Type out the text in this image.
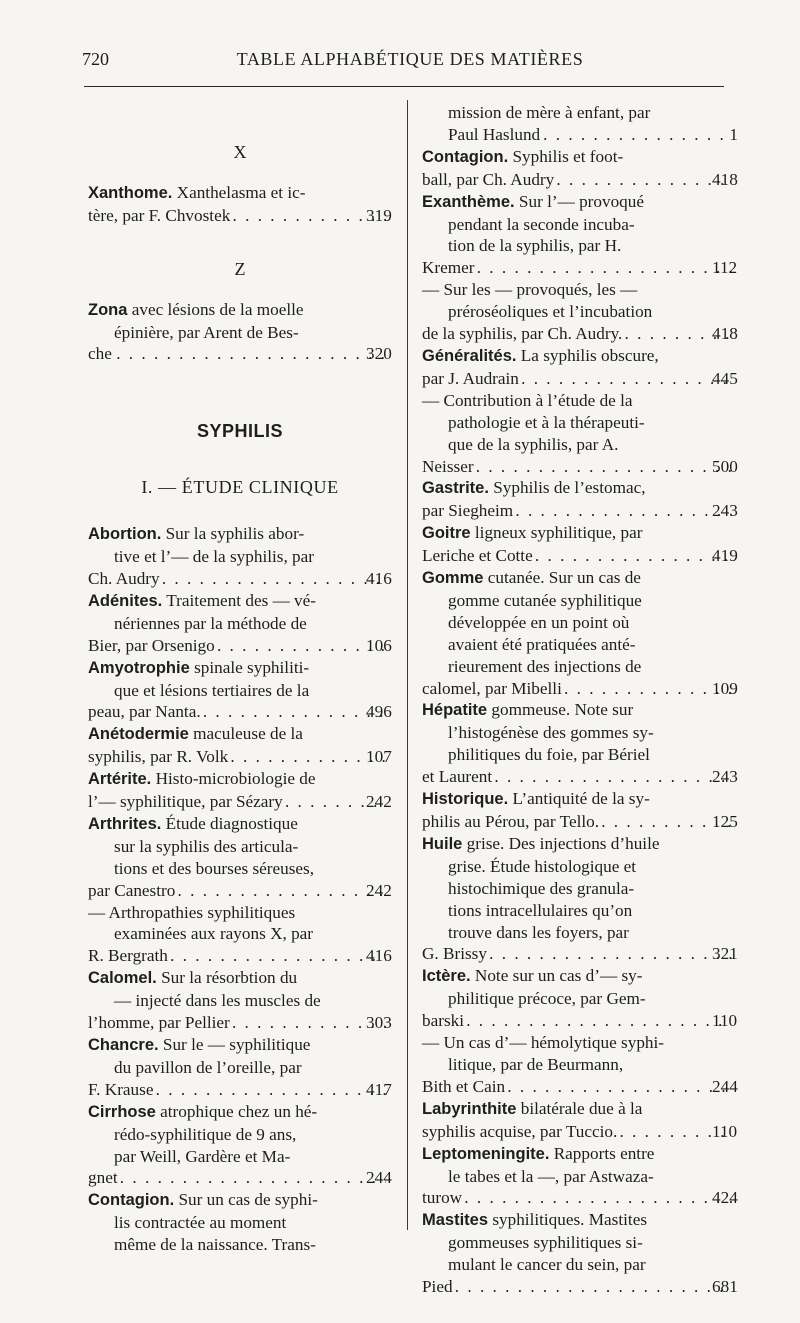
720	TABLE ALPHABÉTIQUE DES MATIÈRES
X
Xanthome. Xanthelasma et ic-
tère, par F. Chvostek . . .	319
Z
Zona avec lésions de la moelle
épinière, par Arent de Bes-
che . . .	320
SYPHILIS
I. — ÉTUDE CLINIQUE
Abortion. Sur la syphilis abor-
tive et l’— de la syphilis, par

Ch. Audry . . .	416
Adénites. Traitement des — vé-
nériennes par la méthode de

Bier, par Orsenigo . . .	106
Amyotrophie spinale syphiliti-
que et lésions tertiaires de la

peau, par Nanta. . . .	496
Anétodermie maculeuse de la

syphilis, par R. Volk . . .	107
Artérite. Histo-microbiologie de

l’— syphilitique, par Sézary . . .	242
Arthrites. Étude diagnostique
sur la syphilis des articula-
tions et des bourses séreuses,

par Canestro . . .	242
— Arthropathies syphilitiques
examinées aux rayons X, par

R. Bergrath . . .	416
Calomel. Sur la résorbtion du
— injecté dans les muscles de

l’homme, par Pellier . . .	303
Chancre. Sur le — syphilitique
du pavillon de l’oreille, par

F. Krause . . .	417
Cirrhose atrophique chez un hé-
rédo-syphilitique de 9 ans,
par Weill, Gardère et Ma-

gnet . . .	244
Contagion. Sur un cas de syphi-
lis contractée au moment
même de la naissance. Trans-
mission de mère à enfant, par

Paul Haslund . . .	1
Contagion. Syphilis et foot-

ball, par Ch. Audry . . .	418
Exanthème. Sur l’— provoqué
pendant la seconde incuba-
tion de la syphilis, par H.

Kremer . . .	112
— Sur les — provoqués, les —
préroséoliques et l’incubation

de la syphilis, par Ch. Audry. . . .	418
Généralités. La syphilis obscure,

par J. Audrain . . .	445
— Contribution à l’étude de la
pathologie et à la thérapeuti-
que de la syphilis, par A.

Neisser . . .	500
Gastrite. Syphilis de l’estomac,

par Siegheim . . .	243
Goitre ligneux syphilitique, par

Leriche et Cotte . . .	419
Gomme cutanée. Sur un cas de
gomme cutanée syphilitique
développée en un point où
avaient été pratiquées anté-
rieurement des injections de

calomel, par Mibelli . . .	109
Hépatite gommeuse. Note sur
l’histogénèse des gommes sy-
philitiques du foie, par Bériel

et Laurent . . .	243
Historique. L’antiquité de la sy-

philis au Pérou, par Tello. . . .	125
Huile grise. Des injections d’huile
grise. Étude histologique et
histochimique des granula-
tions intracellulaires qu’on
trouve dans les foyers, par

G. Brissy . . .	321
Ictère. Note sur un cas d’— sy-
philitique précoce, par Gem-

barski . . .	110
— Un cas d’— hémolytique syphi-
litique, par de Beurmann,

Bith et Cain . . .	244
Labyrinthite bilatérale due à la

syphilis acquise, par Tuccio. . . .	110
Leptomeningite. Rapports entre
le tabes et la —, par Astwaza-

turow . . .	424
Mastites syphilitiques. Mastites
gommeuses syphilitiques si-
mulant le cancer du sein, par

Pied . . .	681
